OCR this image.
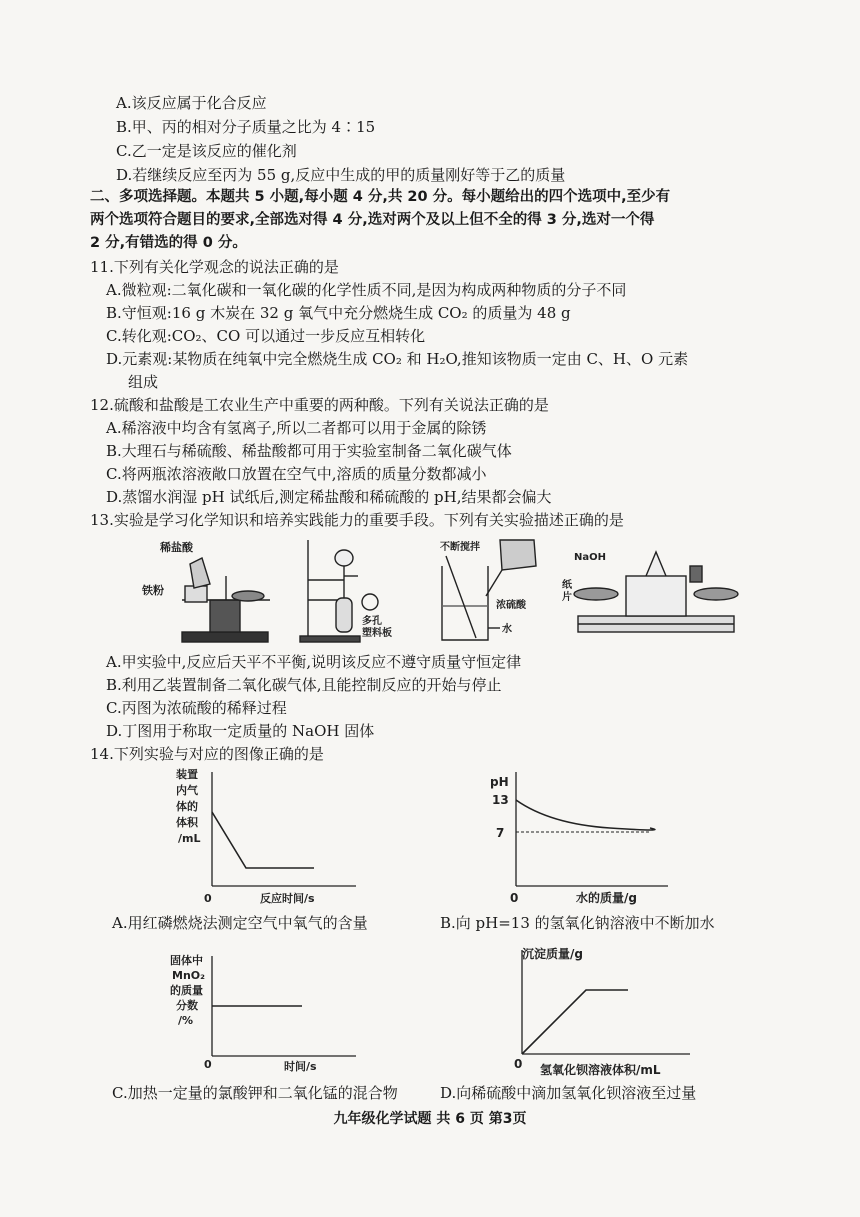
A.该反应属于化合反应
B.甲、丙的相对分子质量之比为 4∶15
C.乙一定是该反应的催化剂
D.若继续反应至丙为 55 g,反应中生成的甲的质量刚好等于乙的质量
二、多项选择题。本题共 5 小题,每小题 4 分,共 20 分。每小题给出的四个选项中,至少有
两个选项符合题目的要求,全部选对得 4 分,选对两个及以上但不全的得 3 分,选对一个得
2 分,有错选的得 0 分。
11.下列有关化学观念的说法正确的是
A.微粒观:二氧化碳和一氧化碳的化学性质不同,是因为构成两种物质的分子不同
B.守恒观:16 g 木炭在 32 g 氧气中充分燃烧生成 CO₂ 的质量为 48 g
C.转化观:CO₂、CO 可以通过一步反应互相转化
D.元素观:某物质在纯氧中完全燃烧生成 CO₂ 和 H₂O,推知该物质一定由 C、H、O 元素
组成
12.硫酸和盐酸是工农业生产中重要的两种酸。下列有关说法正确的是
A.稀溶液中均含有氢离子,所以二者都可以用于金属的除锈
B.大理石与稀硫酸、稀盐酸都可用于实验室制备二氧化碳气体
C.将两瓶浓溶液敞口放置在空气中,溶质的质量分数都减小
D.蒸馏水润湿 pH 试纸后,测定稀盐酸和稀硫酸的 pH,结果都会偏大
13.实验是学习化学知识和培养实践能力的重要手段。下列有关实验描述正确的是
稀盐酸
铁粉
多孔
塑料板
不断搅拌
浓硫酸
水
NaOH
纸
片
A.甲实验中,反应后天平不平衡,说明该反应不遵守质量守恒定律
B.利用乙装置制备二氧化碳气体,且能控制反应的开始与停止
C.丙图为浓硫酸的稀释过程
D.丁图用于称取一定质量的 NaOH 固体
14.下列实验与对应的图像正确的是
装置
内气
体的
体积
/mL
0	反应时间/s
A.用红磷燃烧法测定空气中氧气的含量
pH
13
7
0	水的质量/g
B.向 pH=13 的氢氧化钠溶液中不断加水
固体中
MnO₂
的质量
分数
/%
0	时间/s
C.加热一定量的氯酸钾和二氧化锰的混合物
沉淀质量/g
0 氢氧化钡溶液体积/mL
D.向稀硫酸中滴加氢氧化钡溶液至过量
九年级化学试题 共 6 页 第3页
